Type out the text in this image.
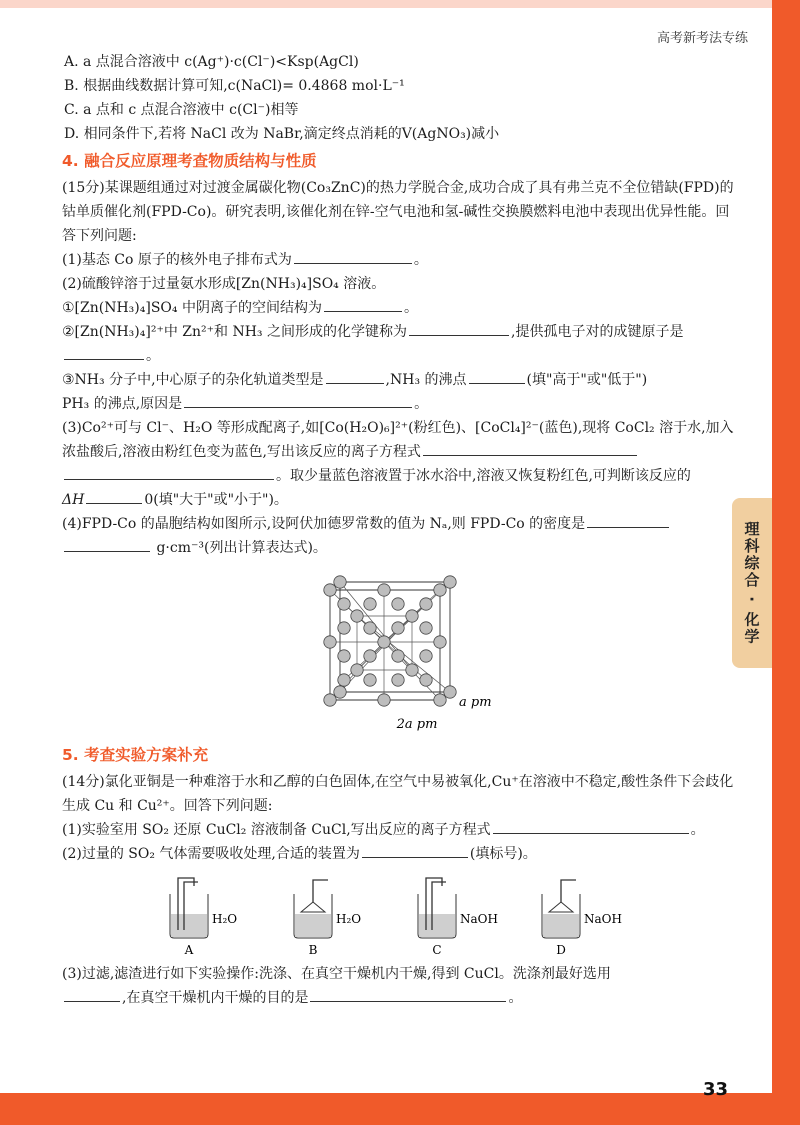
高考新考法专练
理科综合 · 化学
33

A. a 点混合溶液中 c(Ag⁺)·c(Cl⁻)<Ksp(AgCl)

B. 根据曲线数据计算可知,c(NaCl)= 0.4868 mol·L⁻¹

C. a 点和 c 点混合溶液中 c(Cl⁻)相等

D. 相同条件下,若将 NaCl 改为 NaBr,滴定终点消耗的V(AgNO₃)减小

4. 融合反应原理考查物质结构与性质

(15分)某课题组通过对过渡金属碳化物(Co₃ZnC)的热力学脱合金,成功合成了具有弗兰克不全位错缺(FPD)的钴单质催化剂(FPD-Co)。研究表明,该催化剂在锌-空气电池和氢-碱性交换膜燃料电池中表现出优异性能。回答下列问题:

(1)基态 Co 原子的核外电子排布式为	。

(2)硫酸锌溶于过量氨水形成[Zn(NH₃)₄]SO₄ 溶液。

①[Zn(NH₃)₄]SO₄ 中阴离子的空间结构为	。

②[Zn(NH₃)₄]²⁺中 Zn²⁺和 NH₃ 之间形成的化学键称为	,提供孤电子对的成键原子是

。

③NH₃ 分子中,中心原子的杂化轨道类型是	,NH₃ 的沸点	(填"高于"或"低于")

PH₃ 的沸点,原因是	。

(3)Co²⁺可与 Cl⁻、H₂O 等形成配离子,如[Co(H₂O)₆]²⁺(粉红色)、[CoCl₄]²⁻(蓝色),现将 CoCl₂ 溶于水,加入浓盐酸后,溶液由粉红色变为蓝色,写出该反应的离子方程式

。取少量蓝色溶液置于冰水浴中,溶液又恢复粉红色,可判断该反应的

ΔH	0(填"大于"或"小于")。

(4)FPD-Co 的晶胞结构如图所示,设阿伏加德罗常数的值为 Nₐ,则 FPD-Co 的密度是

g·cm⁻³(列出计算表达式)。

2a pm
a pm

5. 考查实验方案补充

(14分)氯化亚铜是一种难溶于水和乙醇的白色固体,在空气中易被氧化,Cu⁺在溶液中不稳定,酸性条件下会歧化生成 Cu 和 Cu²⁺。回答下列问题:

(1)实验室用 SO₂ 还原 CuCl₂ 溶液制备 CuCl,写出反应的离子方程式	。

(2)过量的 SO₂ 气体需要吸收处理,合适的装置为	(填标号)。

H₂O
A
H₂O
B
NaOH
C
NaOH
D

(3)过滤,滤渣进行如下实验操作:洗涤、在真空干燥机内干燥,得到 CuCl。洗涤剂最好选用

,在真空干燥机内干燥的目的是	。
